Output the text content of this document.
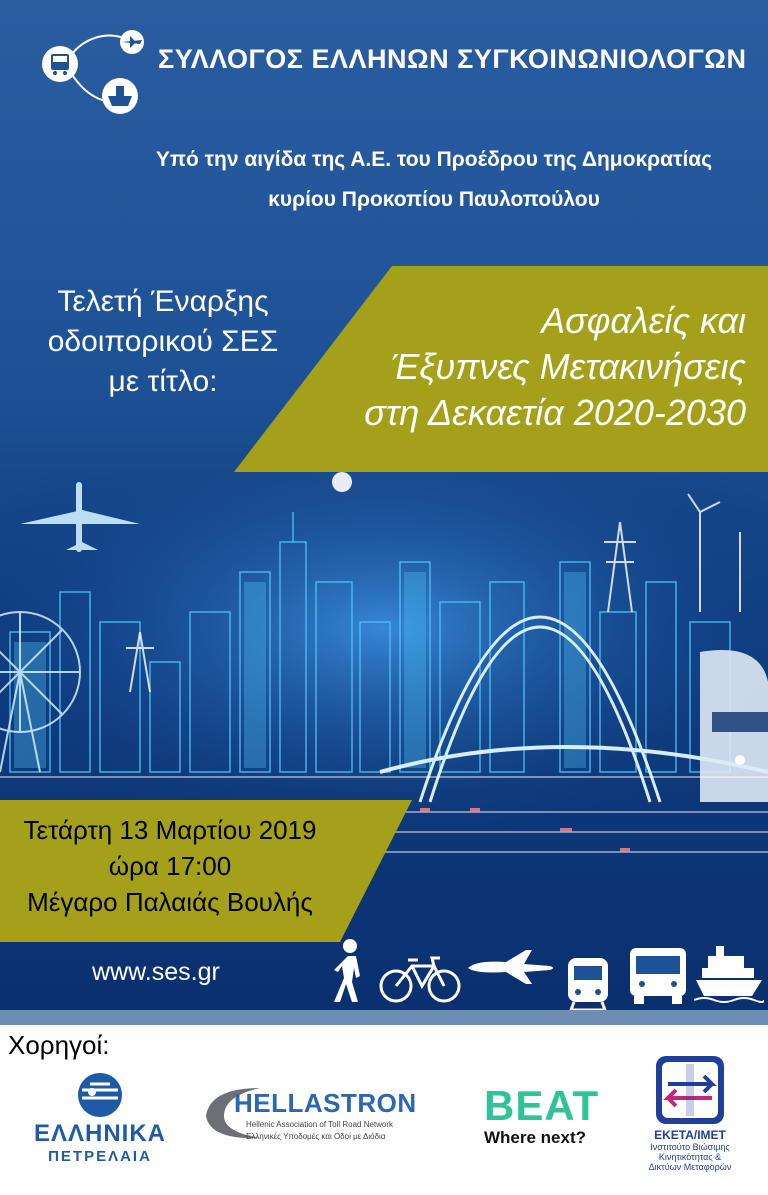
ΣΥΛΛΟΓΟΣ ΕΛΛΗΝΩΝ ΣΥΓΚΟΙΝΩΝΙΟΛΟΓΩΝ
Υπό την αιγίδα της Α.Ε. του Προέδρου της Δημοκρατίας
κυρίου Προκοπίου Παυλοπούλου
Τελετή Έναρξης
οδοιπορικού ΣΕΣ
με τίτλο:
Ασφαλείς και
Έξυπνες Μετακινήσεις
στη Δεκαετία 2020-2030
Τετάρτη 13 Μαρτίου 2019
ώρα 17:00
Μέγαρο Παλαιάς Βουλής
www.ses.gr
Χορηγοί:
ΕΛΛΗΝΙΚΑ
ΠΕΤΡΕΛΑΙΑ
HELLASTRON
Hellenic Association of Toll Road Network
Ελληνικές Υποδομές και Οδοί με Διόδια
BEAT
Where next?	ΕΚΕΤΑ/ΙΜΕΤ
Ινστιτούτο Βιώσιμης
Κινητικότητας &
Δικτύων Μεταφορών
